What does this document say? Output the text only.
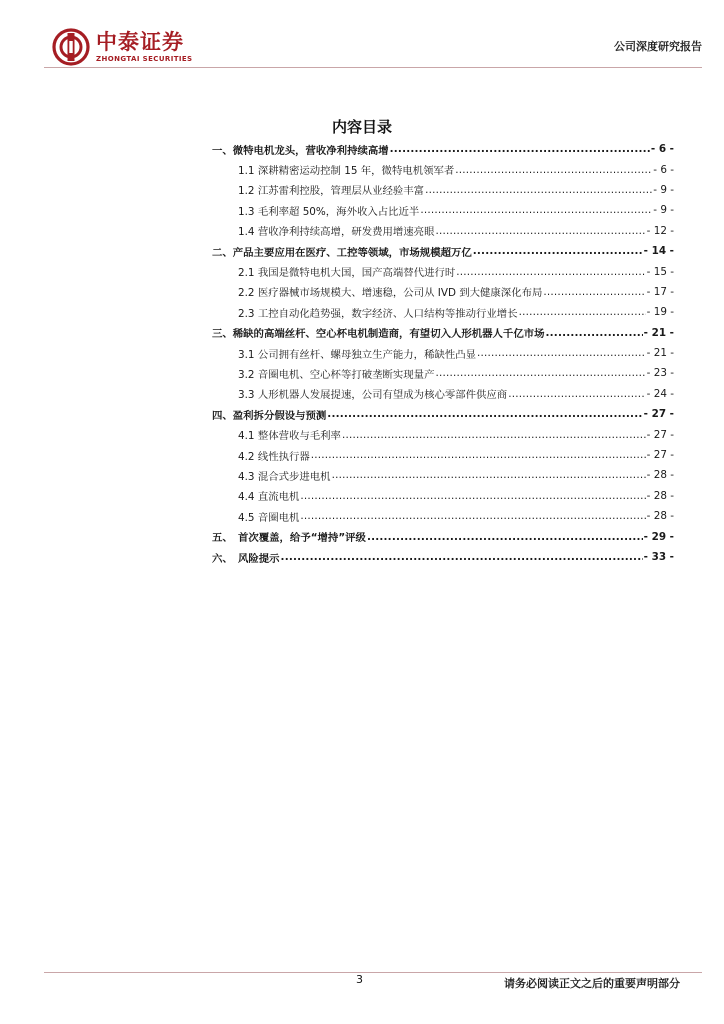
中泰证券
ZHONGTAI SECURITIES
公司深度研究报告
内容目录
一、微特电机龙头，营收净利持续高增 .....	- 6 -
1.1 深耕精密运动控制 15 年，微特电机领军者 .....	- 6 -
1.2 江苏雷利控股，管理层从业经验丰富 .....	- 9 -
1.3 毛利率超 50%，海外收入占比近半 .....	- 9 -
1.4 营收净利持续高增，研发费用增速亮眼 .....	- 12 -
二、产品主要应用在医疗、工控等领域，市场规模超万亿 .....	- 14 -
2.1 我国是微特电机大国，国产高端替代进行时 .....	- 15 -
2.2 医疗器械市场规模大、增速稳，公司从 IVD 到大健康深化布局 .....	- 17 -
2.3 工控自动化趋势强，数字经济、人口结构等推动行业增长 .....	- 19 -
三、稀缺的高端丝杆、空心杯电机制造商，有望切入人形机器人千亿市场 .....	- 21 -
3.1 公司拥有丝杆、螺母独立生产能力，稀缺性凸显 .....	- 21 -
3.2 音圈电机、空心杯等打破垄断实现量产 .....	- 23 -
3.3 人形机器人发展提速，公司有望成为核心零部件供应商 .....	- 24 -
四、盈利拆分假设与预测 .....	- 27 -
4.1 整体营收与毛利率 .....	- 27 -
4.2 线性执行器 .....	- 27 -
4.3 混合式步进电机 .....	- 28 -
4.4 直流电机 .....	- 28 -
4.5 音圈电机 .....	- 28 -
五、　首次覆盖，给予“增持”评级 .....	- 29 -
六、　风险提示 .....	- 33 -
3	请务必阅读正文之后的重要声明部分
